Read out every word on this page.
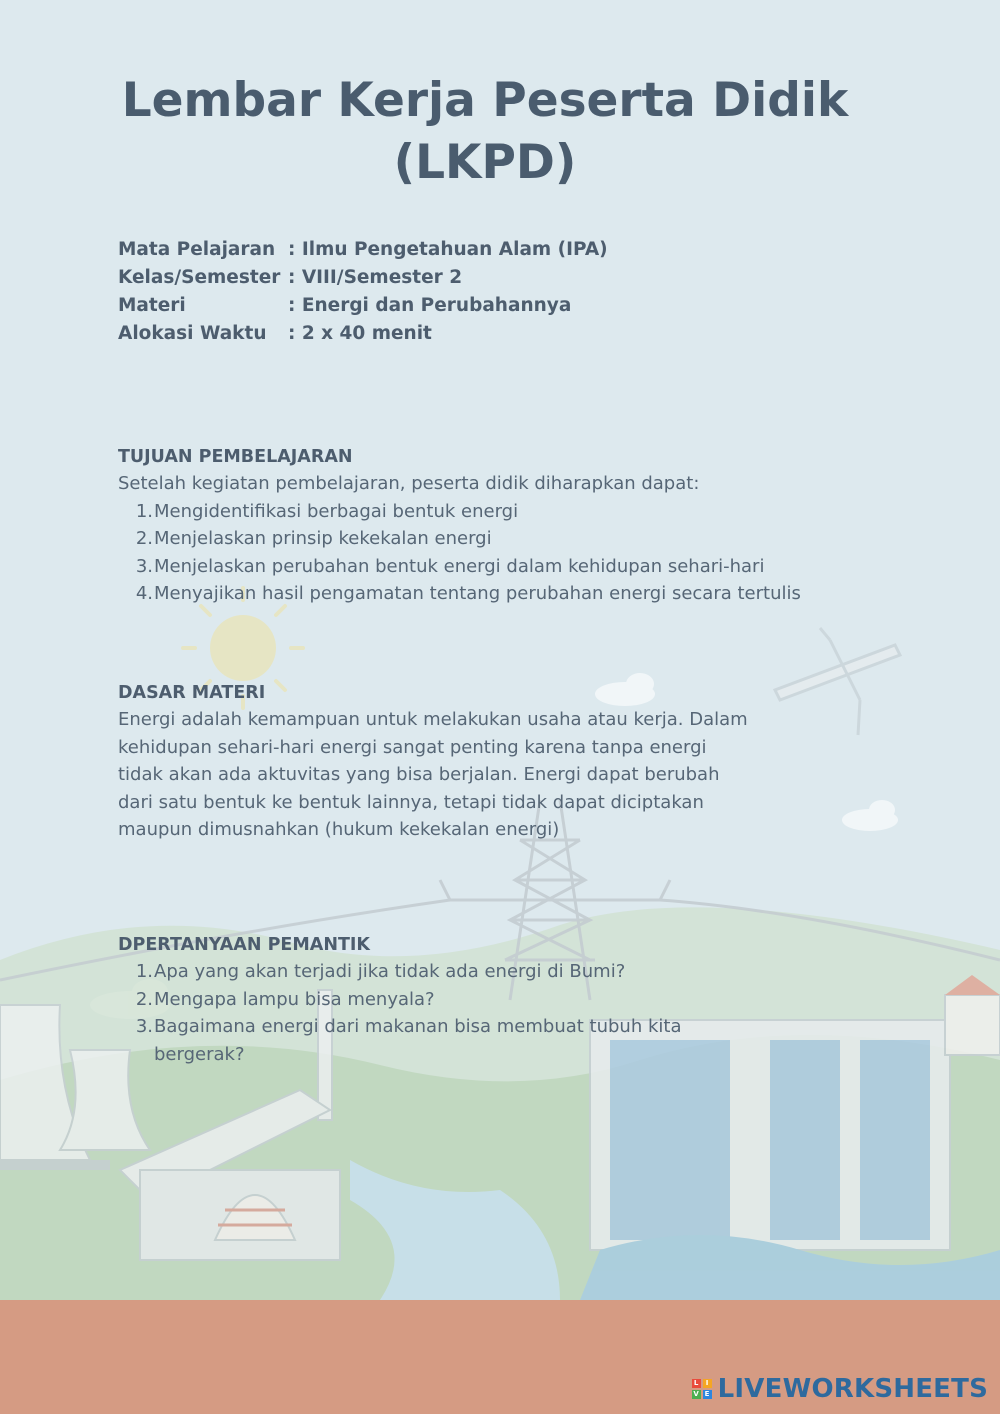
Lembar Kerja Peserta Didik
(LKPD)
Mata Pelajaran : Ilmu Pengetahuan Alam (IPA)
Kelas/Semester : VIII/Semester 2
Materi	: Energi dan Perubahannya
Alokasi Waktu	: 2 x 40 menit
TUJUAN PEMBELAJARAN
Setelah kegiatan pembelajaran, peserta didik diharapkan dapat:
1. Mengidentifikasi berbagai bentuk energi
2. Menjelaskan prinsip kekekalan energi
3. Menjelaskan perubahan bentuk energi dalam kehidupan sehari-hari
4. Menyajikan hasil pengamatan tentang perubahan energi secara tertulis
DASAR MATERI
Energi adalah kemampuan untuk melakukan usaha atau kerja. Dalam
kehidupan sehari-hari energi sangat penting karena tanpa energi
tidak akan ada aktuvitas yang bisa berjalan. Energi dapat berubah
dari satu bentuk ke bentuk lainnya, tetapi tidak dapat diciptakan
maupun dimusnahkan (hukum kekekalan energi)
DPERTANYAAN PEMANTIK
1. Apa yang akan terjadi jika tidak ada energi di Bumi?
2. Mengapa lampu bisa menyala?
3. Bagaimana energi dari makanan bisa membuat tubuh kita
bergerak?
L	I
V E LIVEWORKSHEETS
